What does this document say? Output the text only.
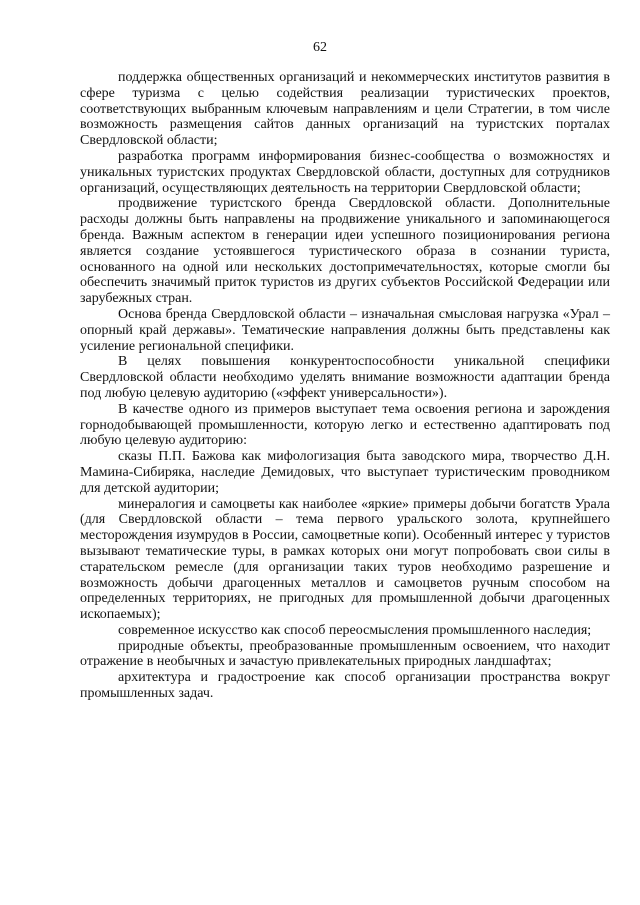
62

поддержка общественных организаций и некоммерческих институтов развития в сфере туризма с целью содействия реализации туристических проектов, соответствующих выбранным ключевым направлениям и цели Стратегии, в том числе возможность размещения сайтов данных организаций на туристских порталах Свердловской области;

разработка программ информирования бизнес-сообщества о возможностях и уникальных туристских продуктах Свердловской области, доступных для сотрудников организаций, осуществляющих деятельность на территории Свердловской области;

продвижение туристского бренда Свердловской области. Дополнительные расходы должны быть направлены на продвижение уникального и запоминающегося бренда. Важным аспектом в генерации идеи успешного позиционирования региона является создание устоявшегося туристического образа в сознании туриста, основанного на одной или нескольких достопримечательностях, которые смогли бы обеспечить значимый приток туристов из других субъектов Российской Федерации или зарубежных стран.

Основа бренда Свердловской области – изначальная смысловая нагрузка «Урал – опорный край державы». Тематические направления должны быть представлены как усиление региональной специфики.

В целях повышения конкурентоспособности уникальной специфики Свердловской области необходимо уделять внимание возможности адаптации бренда под любую целевую аудиторию («эффект универсальности»).

В качестве одного из примеров выступает тема освоения региона и зарождения горнодобывающей промышленности, которую легко и естественно адаптировать под любую целевую аудиторию:

сказы П.П. Бажова как мифологизация быта заводского мира, творчество Д.Н. Мамина-Сибиряка, наследие Демидовых, что выступает туристическим проводником для детской аудитории;

минералогия и самоцветы как наиболее «яркие» примеры добычи богатств Урала (для Свердловской области – тема первого уральского золота, крупнейшего месторождения изумрудов в России, самоцветные копи). Особенный интерес у туристов вызывают тематические туры, в рамках которых они могут попробовать свои силы в старательском ремесле (для организации таких туров необходимо разрешение и возможность добычи драгоценных металлов и самоцветов ручным способом на определенных территориях, не пригодных для промышленной добычи драгоценных ископаемых);

современное искусство как способ переосмысления промышленного наследия;

природные объекты, преобразованные промышленным освоением, что находит отражение в необычных и зачастую привлекательных природных ландшафтах;

архитектура и градостроение как способ организации пространства вокруг промышленных задач.
